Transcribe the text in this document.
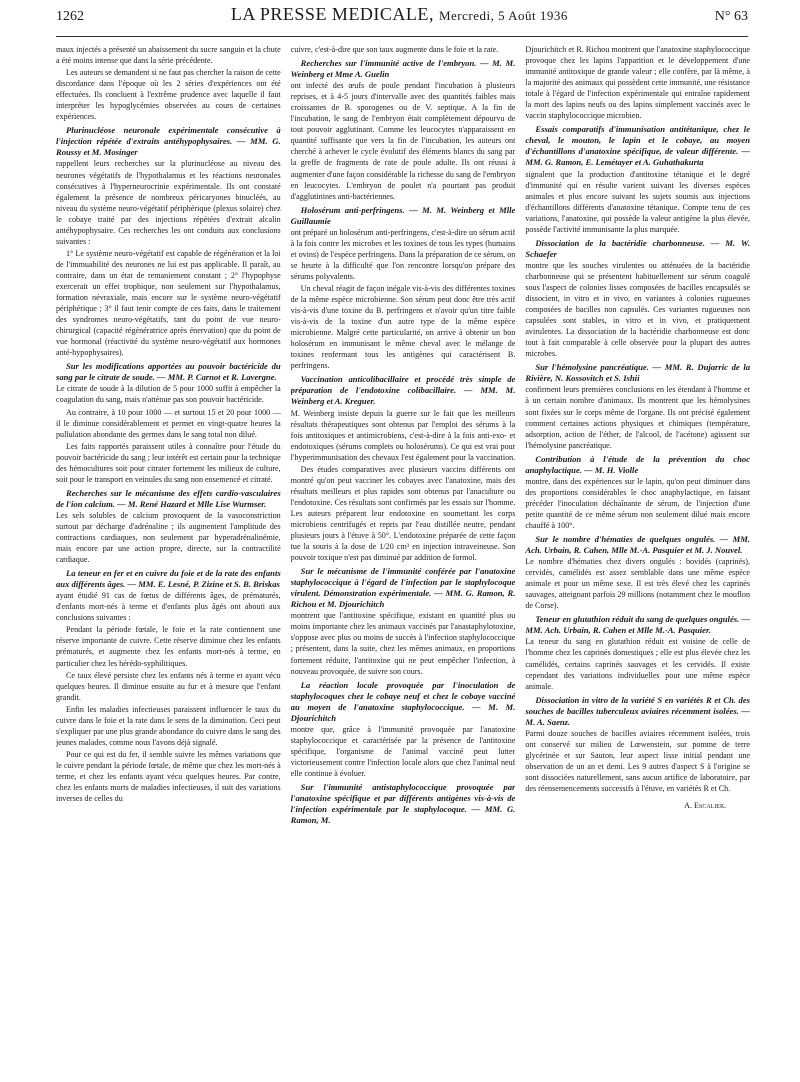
1262	LA PRESSE MEDICALE, Mercredi, 5 Août 1936	N° 63

maux injectés a présenté un abaissement du sucre sanguin et la chute a été moins intense que dans la série précédente.

Les auteurs se demandent si ne faut pas chercher la raison de cette discordance dans l'époque où les 2 séries d'expériences ont été effectuées. Ils concluent à l'extrême prudence avec laquelle il faut interpréter les hypoglycémies observées au cours de certaines expériences.

Plurinucléose neuronale expérimentale consécutive à l'injection répétée d'extraits antéhypophysaires. — MM. G. Roussy et M. Mosinger

rappellent leurs recherches sur la plurinucléose au niveau des neurones végétatifs de l'hypothalamus et les réactions neuronales consécutives à l'hyperneurocrinie expérimentale. Ils ont constaté également la présence de nombreux péricaryones binucléés, au niveau du système neuro-végétatif périphérique (plexus solaire) chez le cobaye traité par des injections répétées d'extrait alcalin antéhypophysaire. Ces recherches les ont conduits aux conclusions suivantes :

1° Le système neuro-végétatif est capable de régénération et la loi de l'immuabilité des neurones ne lui est pas applicable. Il paraît, au contraire, dans un état de remaniement constant ; 2° l'hypophyse exercerait un effet trophique, non seulement sur l'hypothalamus, formation névraxiale, mais encore sur le système neuro-végétatif périphérique ; 3° il faut tenir compte de ces faits, dans le traitement des syndromes neuro-végétatifs, tant du point de vue neuro-chirurgical (capacité régénératrice après énervation) que du point de vue hormonal (réactivité du système neuro-végétatif aux hormones anté-hypophysaires).

Sur les modifications apportées au pouvoir bactéricide du sang par le citrate de soude. — MM. P. Carnot et R. Lavergne.

Le citrate de soude à la dilution de 5 pour 1000 suffit à empêcher la coagulation du sang, mais n'atténue pas son pouvoir bactéricide.

Au contraire, à 10 pour 1000 — et surtout 15 et 20 pour 1000 — il le diminue considérablement et permet en vingt-quatre heures la pullulation abondante des germes dans le sang total non dilué.

Les faits rapportés paraissent utiles à connaître pour l'étude du pouvoir bactéricide du sang ; leur intérêt est certain pour la technique des hémocultures soit pour citrater fortement les milieux de culture, soit pour le transport en veinules du sang non ensemencé et citraté.

Recherches sur le mécanisme des effets cardio-vasculaires de l'ion calcium. — M. René Hazard et Mlle Lise Wurmser.

Les sels solubles de calcium provoquent de la vasoconstriction surtout par décharge d'adrénaline ; ils augmentent l'amplitude des contractions cardiaques, non seulement par hyperadrénalinémie, mais encore par une action propre, directe, sur la contractilité cardiaque.

La teneur en fer et en cuivre du foie et de la rate des enfants aux différents âges. — MM. E. Lesné, P. Zizine et S. B. Briskas

ayant étudié 91 cas de fœtus de différents âges, de prématurés, d'enfants mort-nés à terme et d'enfants plus âgés ont abouti aux conclusions suivantes :

Pendant la période fœtale, le foie et la rate contiennent une réserve importante de cuivre. Cette réserve diminue chez les enfants prématurés, et augmente chez les enfants mort-nés à terme, en particulier chez les hérédo-syphilitiques.

Ce taux élevé persiste chez les enfants nés à terme et ayant vécu quelques heures. Il diminue ensuite au fur et à mesure que l'enfant grandit.

Enfin les maladies infectieuses paraissent influencer le taux du cuivre dans le foie et la rate dans le sens de la diminution. Ceci peut s'expliquer par une plus grande abondance du cuivre dans le sang des jeunes malades, comme nous l'avons déjà signalé.

Pour ce qui est du fer, il semble suivre les mêmes variations que le cuivre pendant la période fœtale, de même que chez les mort-nés à terme, et chez les enfants ayant vécu quelques heures. Par contre, chez les enfants morts de maladies infectieuses, il suit des variations inverses de celles du

cuivre, c'est-à-dire que son taux augmente dans le foie et la rate.

Recherches sur l'immunité active de l'embryon. — M. M. Weinberg et Mme A. Guelin

ont infecté des œufs de poule pendant l'incubation à plusieurs reprises, et à 4-5 jours d'intervalle avec des quantités faibles mais croissantes de B. sporogenes ou de V. septique. A la fin de l'incubation, le sang de l'embryon était complètement dépourvu de tout pouvoir agglutinant. Comme les leucocytes n'apparaissent en quantité suffisante que vers la fin de l'incubation, les auteurs ont cherché à achever le cycle évolutif des éléments blancs du sang par la greffe de fragments de rate de poule adulte. Ils ont réussi à augmenter d'une façon considérable la richesse du sang de l'embryon en leucocytes. L'embryon de poulet n'a pourtant pas produit d'agglutinines anti-bactériennes.

Holosérum anti-perfringens. — M. M. Weinberg et Mlle Guillaumie

ont préparé un holosérum anti-perfringens, c'est-à-dire un sérum actif à la fois contre les microbes et les toxines de tous les types (humains et ovins) de l'espèce perfringens. Dans la préparation de ce sérum, on se heurte à la difficulté que l'on rencontre lorsqu'on prépare des sérums polyvalents.

Un cheval réagit de façon inégale vis-à-vis des différentes toxines de la même espèce microbienne. Son sérum peut donc être très actif vis-à-vis d'une toxine du B. perfringens et n'avoir qu'un titre faible vis-à-vis de la toxine d'un autre type de la même espèce microbienne. Malgré cette particularité, on arrive à obtenir un bon holosérum en immunisant le même cheval avec le mélange de toxines renfermant tous les antigènes qui caractérisent B. perfringens.

Vaccination anticolibacillaire et procédé très simple de préparation de l'endotoxine colibacillaire. — MM. M. Weinberg et A. Kreguer.

M. Weinberg insiste depuis la guerre sur le fait que les meilleurs résultats thérapeutiques sont obtenus par l'emploi des sérums à la fois antitoxiques et antimicrobiens, c'est-à-dire à la fois anti-exo- et endotoxiques (sérums complets ou holosérums). Ce qui est vrai pour l'hyperimmunisation des chevaux l'est également pour la vaccination.

Des études comparatives avec plusieurs vaccins différents ont montré qu'on peut vacciner les cobayes avec l'anatoxine, mais des résultats meilleurs et plus rapides sont obtenus par l'anaculture ou l'endotoxine. Ces résultats sont confirmés par les essais sur l'homme. Les auteurs préparent leur endotoxine en soumettant les corps microbiens centrifugés et repris par l'eau distillée neutre, pendant plusieurs jours à l'étuve à 50°. L'endotoxine préparée de cette façon tue la souris à la dose de 1/20 cm³ en injection intraveineuse. Son pouvoir toxique n'est pas diminué par addition de formol.

Sur le mécanisme de l'immunité conférée par l'anatoxine staphylococcique à l'égard de l'infection par le staphylocoque virulent. Démonstration expérimentale. — MM. G. Ramon, R. Richou et M. Djourichitch

montrent que l'antitoxine spécifique, existant en quantité plus ou moins importante chez les animaux vaccinés par l'anastaphylotoxine, s'oppose avec plus ou moins de succès à l'infection staphylococcique ; présentent, dans la suite, chez les mêmes animaux, en proportions fortement réduite, l'antitoxine qui ne peut empêcher l'infection, à nouveau provoquée, de suivre son cours.

La réaction locale provoquée par l'inoculation de staphylocoques chez le cobaye neuf et chez le cobaye vacciné au moyen de l'anatoxine staphylococcique. — M. M. Djourichitch

montre que, grâce à l'immunité provoquée par l'anatoxine staphylococcique et caractérisée par la présence de l'antitoxine spécifique, l'organisme de l'animal vacciné peut lutter victorieusement contre l'infection locale alors que chez l'animal neuf elle continue à évoluer.

Sur l'immunité antistaphylococcique provoquée par l'anatoxine spécifique et par différents antigènes vis-à-vis de l'infection expérimentale par le staphylocoque. — MM. G. Ramon, M.

Djourichitch et R. Richou montrent que l'anatoxine staphylococcique provoque chez les lapins l'apparition et le développement d'une immunité antitoxique de grande valeur ; elle confère, par là même, à la majorité des animaux qui possèdent cette immunité, une résistance totale à l'égard de l'infection expérimentale qui entraîne rapidement la mort des lapins neufs ou des lapins simplement vaccinés avec le vaccin staphylococcique microbien.

Essais comparatifs d'immunisation antitétanique, chez le cheval, le mouton, le lapin et le cobaye, au moyen d'échantillons d'anatoxine spécifique, de valeur différente. — MM. G. Ramon, E. Lemétayer et A. Guhathakurta

signalent que la production d'antitoxine tétanique et le degré d'immunité qui en résulte varient suivant les diverses espèces animales et plus encore suivant les sujets soumis aux injections d'échantillons différents d'anatoxine tétanique. Compte tenu de ces variations, l'anatoxine, qui possède la valeur antigène la plus élevée, possède l'activité immunisante la plus marquée.

Dissociation de la bactéridie charbonneuse. — M. W. Schaefer

montre que les souches virulentes ou atténuées de la bactéridie charbonneuse qui se présentent habituellement sur sérum coagulé sous l'aspect de colonies lisses composées de bacilles encapsulés se dissocient, in vitro et in vivo, en variantes à colonies rugueuses composées de bacilles non capsulés. Ces variantes rugueuses non capsulées sont stables, in vitro et in vivo, et pratiquement avirulentes. La dissociation de la bactéridie charbonneuse est donc tout à fait comparable à celle observée pour la plupart des autres microbes.

Sur l'hémolysine pancréatique. — MM. R. Dujarric de la Rivière, N. Kossovitch et S. Ishii

confirment leurs premières conclusions en les étendant à l'homme et à un certain nombre d'animaux. Ils montrent que les hémolysines sont fixées sur le corps même de l'organe. Ils ont précisé également comment certaines actions physiques et chimiques (température, adsorption, action de l'éther, de l'alcool, de l'acétone) agissent sur l'hémolysine pancréatique.

Contribution à l'étude de la prévention du choc anaphylactique. — M. H. Violle

montre, dans des expériences sur le lapin, qu'on peut diminuer dans des proportions considérables le choc anaphylactique, en faisant précéder l'inoculation déchaînante de sérum, de l'injection d'une petite quantité de ce même sérum non seulement dilué mais encore chauffé à 100°.

Sur le nombre d'hématies de quelques ongulés. — MM. Ach. Urbain, R. Cahen, Mlle M.-A. Pasquier et M. J. Nouvel.

Le nombre d'hématies chez divers ongulés : bovidés (caprinés), cervidés, camélidés est assez semblable dans une même espèce animale et pour un même sexe. Il est très élevé chez les caprinés sauvages, atteignant parfois 29 millions (notamment chez le mouflon de Corse).

Teneur en glutathion réduit du sang de quelques ongulés. — MM. Ach. Urbain, R. Cahen et Mlle M.-A. Pasquier.

La teneur du sang en glutathion réduit est voisine de celle de l'homme chez les caprinés domestiques ; elle est plus élevée chez les camélidés, certains caprinés sauvages et les cervidés. Il existe cependant des variations individuelles pour une même espèce animale.

Dissociation in vitro de la variété S en variétés R et Ch. des souches de bacilles tuberculeux aviaires récemment isolées. — M. A. Saenz.

Parmi douze souches de bacilles aviaires récemment isolées, trois ont conservé sur milieu de Lœwenstein, sur pomme de terre glycérinée et sur Sauton, leur aspect lisse initial pendant une observation de un an et demi. Les 9 autres d'aspect S à l'origine se sont dissociées naturellement, sans aucun artifice de laboratoire, par des réensemencements successifs à l'étuve, en variétés R et Ch.

A. Escalier.
